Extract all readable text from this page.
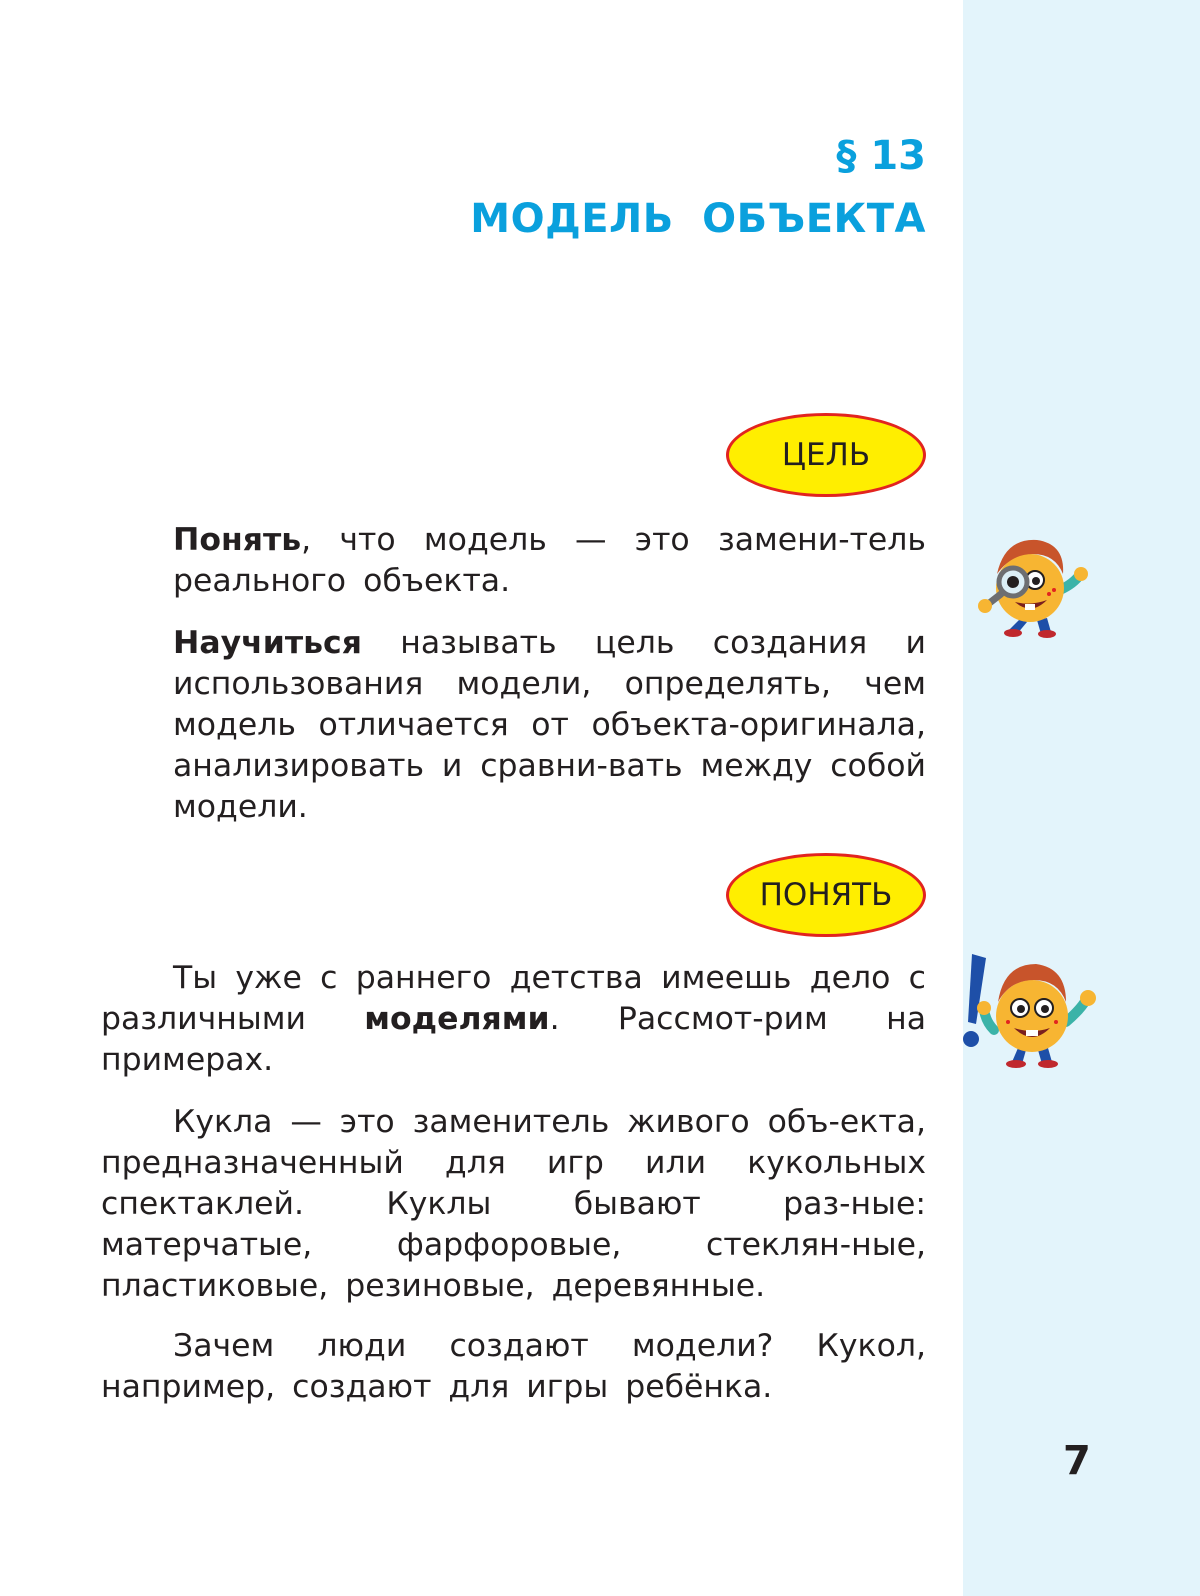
§ 13
МОДЕЛЬ ОБЪЕКТА
ЦЕЛЬ

Понять, что модель — это замени-тель реального объекта.

Научиться называть цель создания и использования модели, определять, чем модель отличается от объекта-оригинала, анализировать и сравни-вать между собой модели.

ПОНЯТЬ

Ты уже с раннего детства имеешь дело с различными моделями. Рассмот-рим на примерах.

Кукла — это заменитель живого объ-екта, предназначенный для игр или кукольных спектаклей. Куклы бывают раз-ные: матерчатые, фарфоровые, стеклян-ные, пластиковые, резиновые, деревянные.

Зачем люди создают модели? Кукол, например, создают для игры ребёнка.

7
